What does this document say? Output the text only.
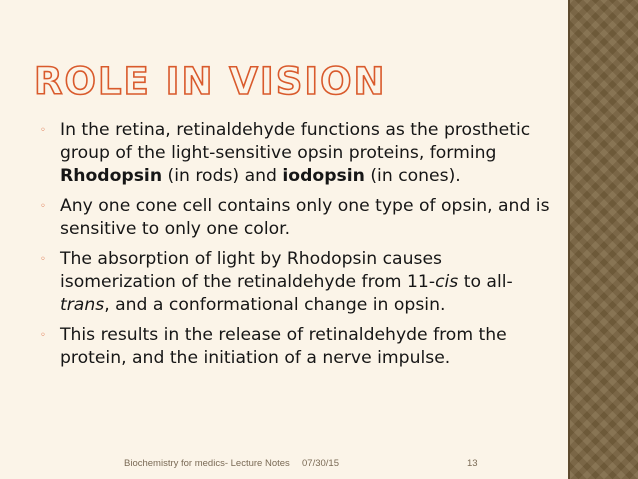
ROLE IN VISION
◦ In the retina, retinaldehyde functions as the prosthetic group of the light-sensitive opsin proteins, forming Rhodopsin (in rods) and iodopsin (in cones).
◦ Any one cone cell contains only one type of opsin, and is sensitive to only one color.
◦ The absorption of light by Rhodopsin causes isomerization of the retinaldehyde from 11-cis to all-trans, and a conformational change in opsin.
◦ This results in the release of retinaldehyde from the protein, and the initiation of a nerve impulse.
Biochemistry for medics- Lecture Notes 07/30/15	13
